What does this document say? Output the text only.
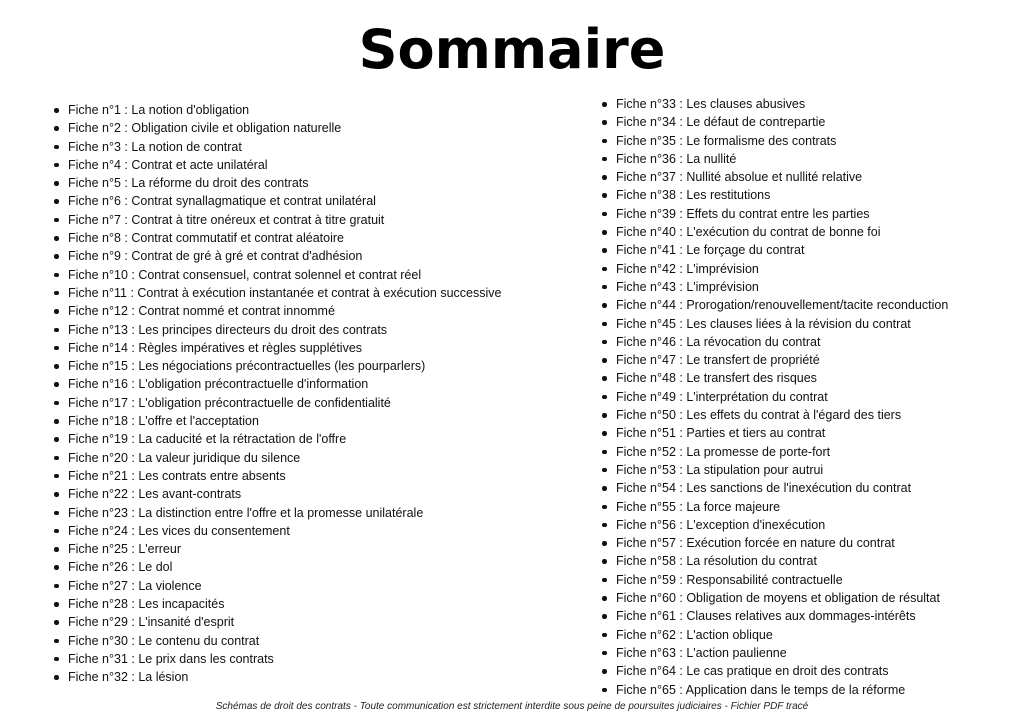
Sommaire
Fiche n°1 : La notion d'obligation
Fiche n°2 : Obligation civile et obligation naturelle
Fiche n°3 : La notion de contrat
Fiche n°4 : Contrat et acte unilatéral
Fiche n°5 : La réforme du droit des contrats
Fiche n°6 : Contrat synallagmatique et contrat unilatéral
Fiche n°7 : Contrat à titre onéreux et contrat à titre gratuit
Fiche n°8 : Contrat commutatif et contrat aléatoire
Fiche n°9 : Contrat de gré à gré et contrat d'adhésion
Fiche n°10 : Contrat consensuel, contrat solennel et contrat réel
Fiche n°11 : Contrat à exécution instantanée et contrat à exécution successive
Fiche n°12 : Contrat nommé et contrat innommé
Fiche n°13 : Les principes directeurs du droit des contrats
Fiche n°14 : Règles impératives et règles supplétives
Fiche n°15 : Les négociations précontractuelles (les pourparlers)
Fiche n°16 : L'obligation précontractuelle d'information
Fiche n°17 : L'obligation précontractuelle de confidentialité
Fiche n°18 : L'offre et l'acceptation
Fiche n°19 : La caducité et la rétractation de l'offre
Fiche n°20 : La valeur juridique du silence
Fiche n°21 : Les contrats entre absents
Fiche n°22 : Les avant-contrats
Fiche n°23 : La distinction entre l'offre et la promesse unilatérale
Fiche n°24 : Les vices du consentement
Fiche n°25 : L'erreur
Fiche n°26 : Le dol
Fiche n°27 : La violence
Fiche n°28 : Les incapacités
Fiche n°29 : L'insanité d'esprit
Fiche n°30 : Le contenu du contrat
Fiche n°31 : Le prix dans les contrats
Fiche n°32 : La lésion
Fiche n°33 : Les clauses abusives
Fiche n°34 : Le défaut de contrepartie
Fiche n°35 : Le formalisme des contrats
Fiche n°36 : La nullité
Fiche n°37 : Nullité absolue et nullité relative
Fiche n°38 : Les restitutions
Fiche n°39 : Effets du contrat entre les parties
Fiche n°40 : L'exécution du contrat de bonne foi
Fiche n°41 : Le forçage du contrat
Fiche n°42 : L'imprévision
Fiche n°43 : L'imprévision
Fiche n°44 : Prorogation/renouvellement/tacite reconduction
Fiche n°45 : Les clauses liées à la révision du contrat
Fiche n°46 : La révocation du contrat
Fiche n°47 : Le transfert de propriété
Fiche n°48 : Le transfert des risques
Fiche n°49 : L'interprétation du contrat
Fiche n°50 : Les effets du contrat à l'égard des tiers
Fiche n°51 : Parties et tiers au contrat
Fiche n°52 : La promesse de porte-fort
Fiche n°53 : La stipulation pour autrui
Fiche n°54 : Les sanctions de l'inexécution du contrat
Fiche n°55 : La force majeure
Fiche n°56 : L'exception d'inexécution
Fiche n°57 : Exécution forcée en nature du contrat
Fiche n°58 : La résolution du contrat
Fiche n°59 : Responsabilité contractuelle
Fiche n°60 : Obligation de moyens et obligation de résultat
Fiche n°61 : Clauses relatives aux dommages-intérêts
Fiche n°62 : L'action oblique
Fiche n°63 : L'action paulienne
Fiche n°64 : Le cas pratique en droit des contrats
Fiche n°65 : Application dans le temps de la réforme
Schémas de droit des contrats - Toute communication est strictement interdite sous peine de poursuites judiciaires - Fichier PDF tracé
